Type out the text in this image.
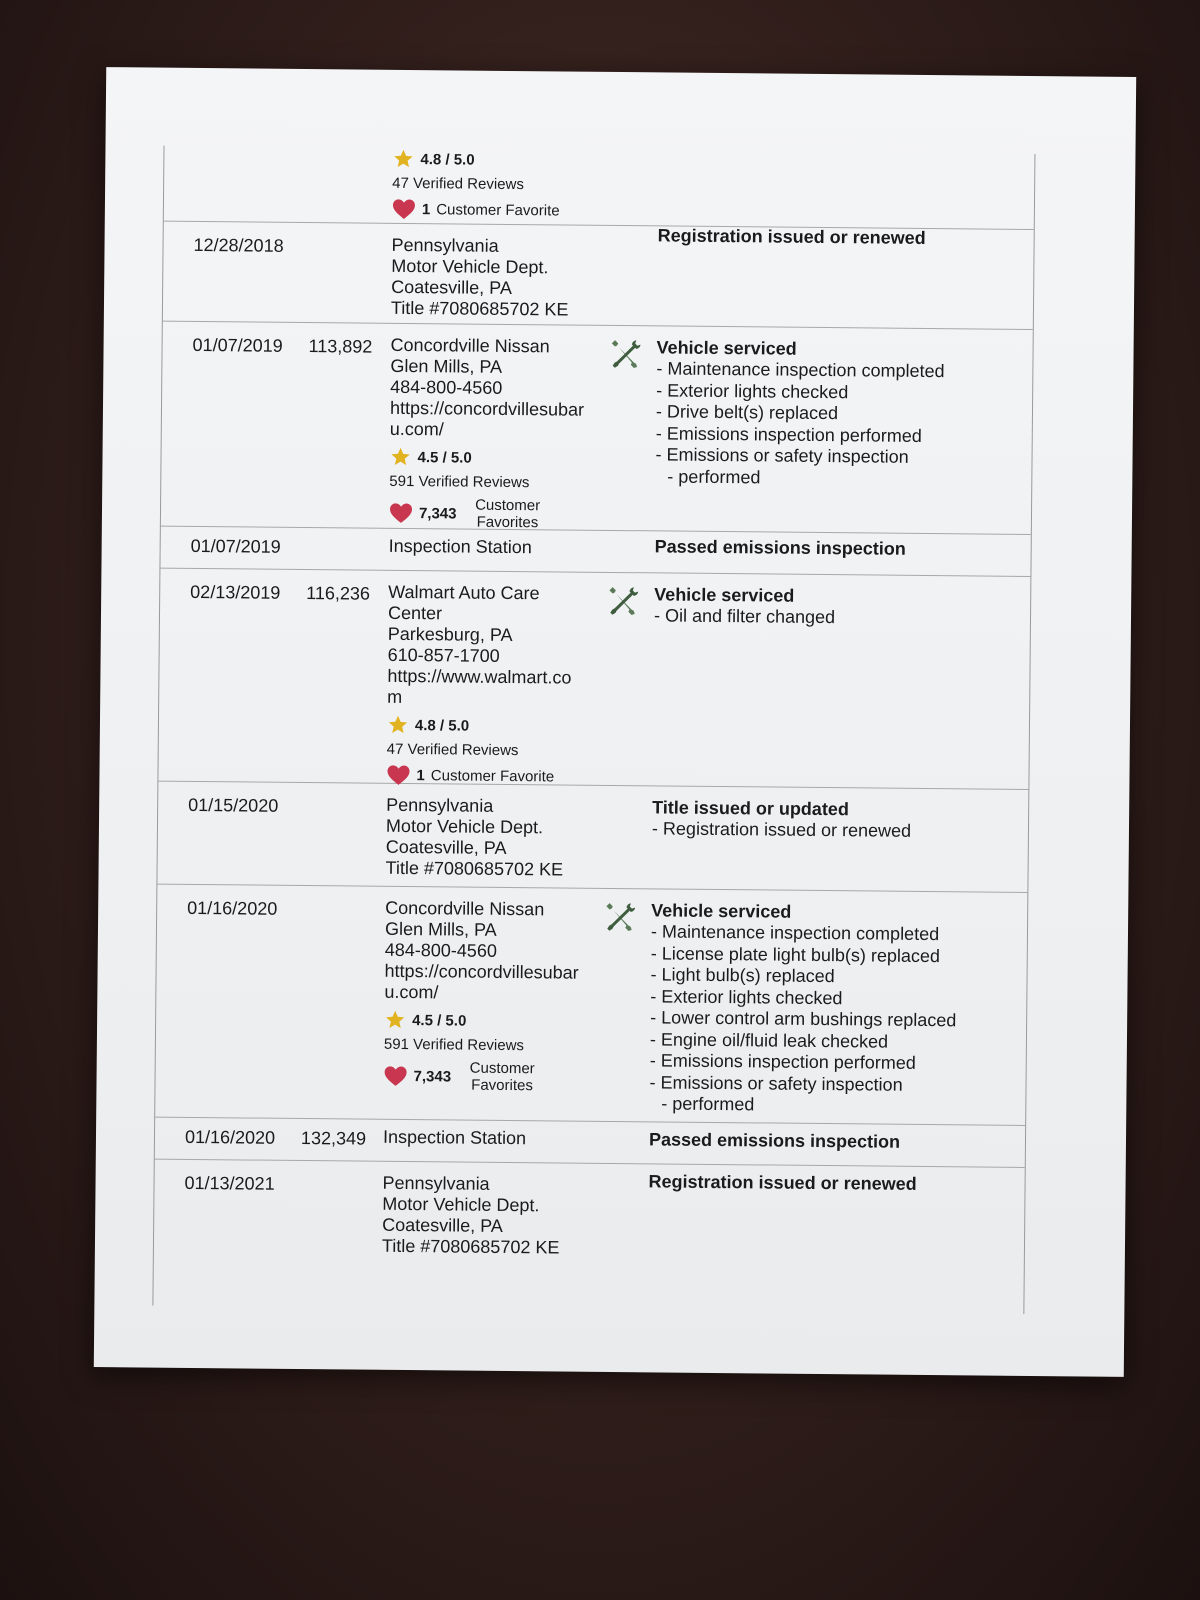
4.8 / 5.0
47 Verified Reviews
1 Customer Favorite
12/28/2018	Pennsylvania
Motor Vehicle Dept.
Coatesville, PA
Title #7080685702 KE
Registration issued or renewed
01/07/2019 113,892 Concordville Nissan
Glen Mills, PA
484-800-4560
https://concordvillesubar
u.com/
4.5 / 5.0
591 Verified Reviews
7,343	Customer Favorites
Vehicle serviced
- Maintenance inspection completed
- Exterior lights checked
- Drive belt(s) replaced
- Emissions inspection performed
- Emissions or safety inspection
- performed
01/07/2019	Inspection Station	Passed emissions inspection
02/13/2019 116,236 Walmart Auto Care
Center
Parkesburg, PA
610-857-1700
https://www.walmart.co
m
4.8 / 5.0
47 Verified Reviews
1 Customer Favorite
Vehicle serviced
- Oil and filter changed
01/15/2020	Pennsylvania
Motor Vehicle Dept.
Coatesville, PA
Title #7080685702 KE
Title issued or updated
- Registration issued or renewed
01/16/2020	Concordville Nissan
Glen Mills, PA
484-800-4560
https://concordvillesubar
u.com/
4.5 / 5.0
591 Verified Reviews
7,343	Customer Favorites
Vehicle serviced
- Maintenance inspection completed
- License plate light bulb(s) replaced
- Light bulb(s) replaced
- Exterior lights checked
- Lower control arm bushings replaced
- Engine oil/fluid leak checked
- Emissions inspection performed
- Emissions or safety inspection
- performed
01/16/2020 132,349 Inspection Station	Passed emissions inspection
01/13/2021	Pennsylvania
Motor Vehicle Dept.
Coatesville, PA
Title #7080685702 KE
Registration issued or renewed
